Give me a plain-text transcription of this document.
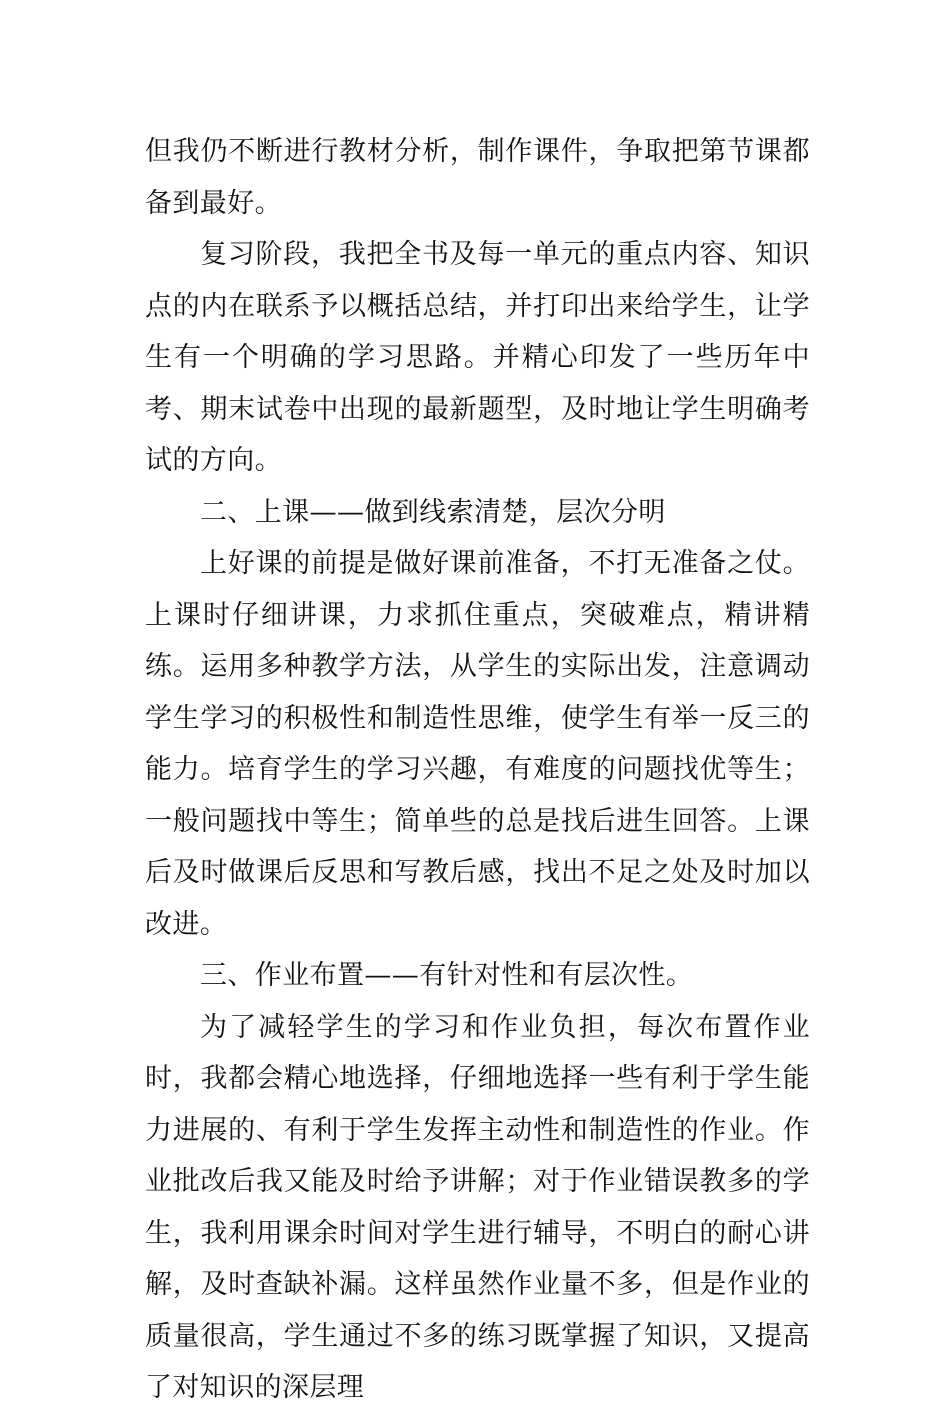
但我仍不断进行教材分析，制作课件，争取把第节课都备到最好。

复习阶段，我把全书及每一单元的重点内容、知识点的内在联系予以概括总结，并打印出来给学生，让学生有一个明确的学习思路。并精心印发了一些历年中考、期末试卷中出现的最新题型，及时地让学生明确考试的方向。

二、上课——做到线索清楚，层次分明

上好课的前提是做好课前准备，不打无准备之仗。上课时仔细讲课，力求抓住重点，突破难点，精讲精练。运用多种教学方法，从学生的实际出发，注意调动学生学习的积极性和制造性思维，使学生有举一反三的能力。培育学生的学习兴趣，有难度的问题找优等生；一般问题找中等生；简单些的总是找后进生回答。上课后及时做课后反思和写教后感，找出不足之处及时加以改进。

三、作业布置——有针对性和有层次性。

为了减轻学生的学习和作业负担，每次布置作业时，我都会精心地选择，仔细地选择一些有利于学生能力进展的、有利于学生发挥主动性和制造性的作业。作业批改后我又能及时给予讲解；对于作业错误教多的学生，我利用课余时间对学生进行辅导，不明白的耐心讲解，及时查缺补漏。这样虽然作业量不多，但是作业的质量很高，学生通过不多的练习既掌握了知识，又提高了对知识的深层理
